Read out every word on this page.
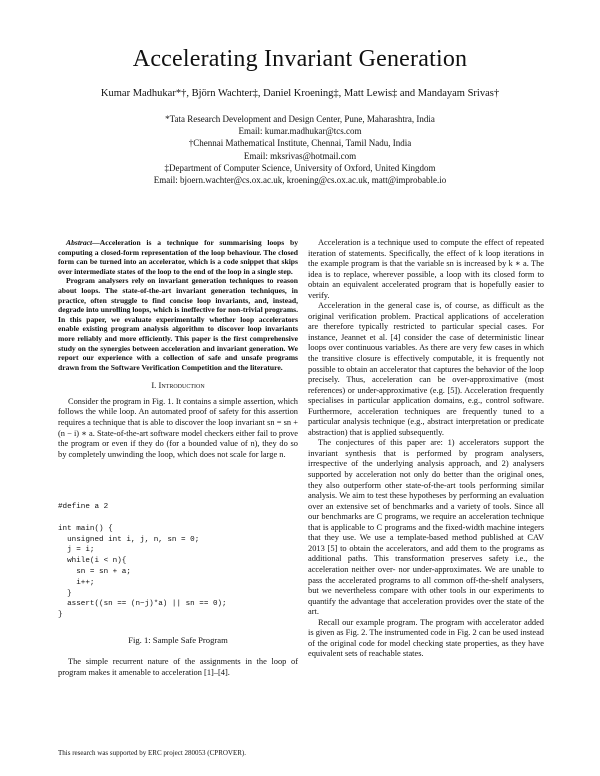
Accelerating Invariant Generation
Kumar Madhukar*†, Björn Wachter‡, Daniel Kroening‡, Matt Lewis‡ and Mandayam Srivas†
*Tata Research Development and Design Center, Pune, Maharashtra, India
Email: kumar.madhukar@tcs.com
†Chennai Mathematical Institute, Chennai, Tamil Nadu, India
Email: mksrivas@hotmail.com
‡Department of Computer Science, University of Oxford, United Kingdom
Email: bjoern.wachter@cs.ox.ac.uk, kroening@cs.ox.ac.uk, matt@improbable.io

Abstract—Acceleration is a technique for summarising loops by computing a closed-form representation of the loop behaviour. The closed form can be turned into an accelerator, which is a code snippet that skips over intermediate states of the loop to the end of the loop in a single step.

Program analysers rely on invariant generation techniques to reason about loops. The state-of-the-art invariant generation techniques, in practice, often struggle to find concise loop invariants, and, instead, degrade into unrolling loops, which is ineffective for non-trivial programs. In this paper, we evaluate experimentally whether loop accelerators enable existing program analysis algorithm to discover loop invariants more reliably and more efficiently. This paper is the first comprehensive study on the synergies between acceleration and invariant generation. We report our experience with a collection of safe and unsafe programs drawn from the Software Verification Competition and the literature.

I. Introduction

Consider the program in Fig. 1. It contains a simple assertion, which follows the while loop. An automated proof of safety for this assertion requires a technique that is able to discover the loop invariant sn = sn + (n − i) ∗ a. State-of-the-art software model checkers either fail to prove the program or even if they do (for a bounded value of n), they do so by completely unwinding the loop, which does not scale for large n.

#define a 2

int main() {
unsigned int i, j, n, sn = 0;
j = i;
while(i < n){
sn = sn + a;
i++;
}
assert((sn == (n−j)*a) || sn == 0);
}
Fig. 1: Sample Safe Program

The simple recurrent nature of the assignments in the loop of program makes it amenable to acceleration [1]–[4].

This research was supported by ERC project 280053 (CPROVER).

Acceleration is a technique used to compute the effect of repeated iteration of statements. Specifically, the effect of k loop iterations in the example program is that the variable sn is increased by k ∗ a. The idea is to replace, wherever possible, a loop with its closed form to obtain an equivalent accelerated program that is hopefully easier to verify.

Acceleration in the general case is, of course, as difficult as the original verification problem. Practical applications of acceleration are therefore typically restricted to particular special cases. For instance, Jeannet et al. [4] consider the case of deterministic linear loops over continuous variables. As there are very few cases in which the transitive closure is effectively computable, it is frequently not possible to obtain an accelerator that captures the behavior of the loop precisely. Thus, acceleration can be over-approximative (most references) or under-approximative (e.g. [5]). Acceleration frequently specialises in particular application domains, e.g., control software. Furthermore, acceleration techniques are frequently tuned to a particular analysis technique (e.g., abstract interpretation or predicate abstraction) that is applied subsequently.

The conjectures of this paper are: 1) accelerators support the invariant synthesis that is performed by program analysers, irrespective of the underlying analysis approach, and 2) analysers supported by acceleration not only do better than the original ones, they also outperform other state-of-the-art tools performing similar analysis. We aim to test these hypotheses by performing an evaluation over an extensive set of benchmarks and a variety of tools. Since all our benchmarks are C programs, we require an acceleration technique that is applicable to C programs and the fixed-width machine integers that they use. We use a template-based method published at CAV 2013 [5] to obtain the accelerators, and add them to the programs as additional paths. This transformation preserves safety i.e., the acceleration neither over- nor under-approximates. We are unable to pass the accelerated programs to all common off-the-shelf analysers, but we nevertheless compare with other tools in our experiments to quantify the advantage that acceleration provides over the state of the art.

Recall our example program. The program with accelerator added is given as Fig. 2. The instrumented code in Fig. 2 can be used instead of the original code for model checking state properties, as they have equivalent sets of reachable states.
